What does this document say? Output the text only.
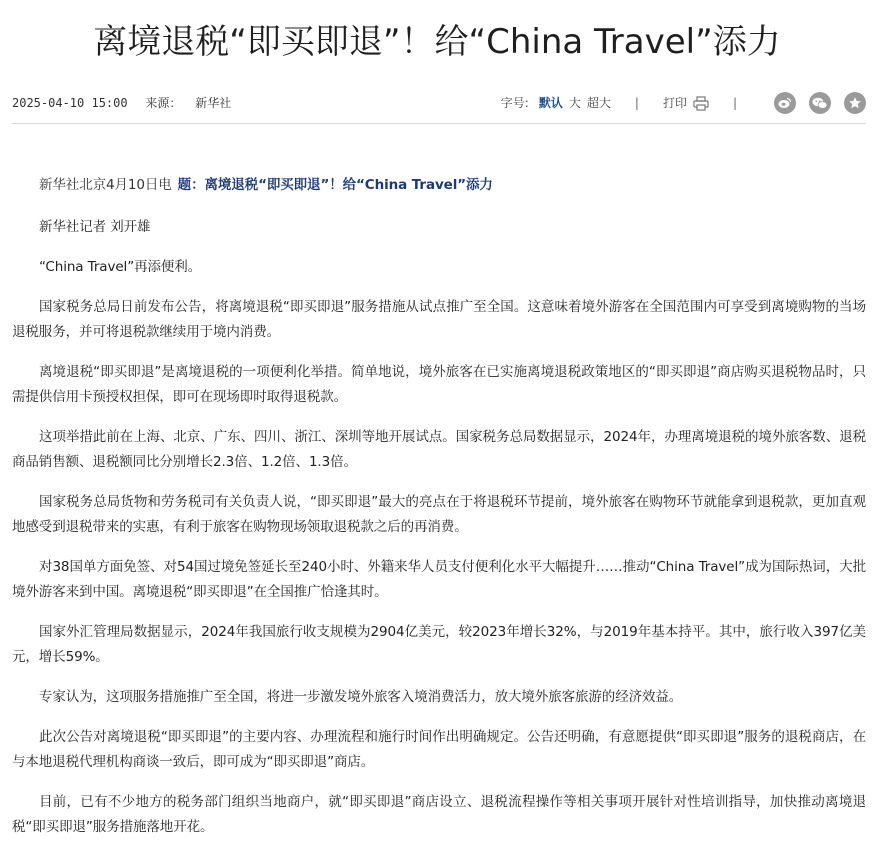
离境退税“即买即退”！给“China Travel”添力
2025-04-10 15:00 来源： 新华社	字号: 默认 大 超大 | 打印	|

新华社北京4月10日电 题：离境退税“即买即退”！给“China Travel”添力

新华社记者 刘开雄

“China Travel”再添便利。

国家税务总局日前发布公告，将离境退税“即买即退”服务措施从试点推广至全国。这意味着境外游客在全国范围内可享受到离境购物的当场退税服务，并可将退税款继续用于境内消费。

离境退税“即买即退”是离境退税的一项便利化举措。简单地说，境外旅客在已实施离境退税政策地区的“即买即退”商店购买退税物品时，只需提供信用卡预授权担保，即可在现场即时取得退税款。

这项举措此前在上海、北京、广东、四川、浙江、深圳等地开展试点。国家税务总局数据显示，2024年，办理离境退税的境外旅客数、退税商品销售额、退税额同比分别增长2.3倍、1.2倍、1.3倍。

国家税务总局货物和劳务税司有关负责人说，“即买即退”最大的亮点在于将退税环节提前，境外旅客在购物环节就能拿到退税款，更加直观地感受到退税带来的实惠，有利于旅客在购物现场领取退税款之后的再消费。

对38国单方面免签、对54国过境免签延长至240小时、外籍来华人员支付便利化水平大幅提升……推动“China Travel”成为国际热词，大批境外游客来到中国。离境退税“即买即退”在全国推广恰逢其时。

国家外汇管理局数据显示，2024年我国旅行收支规模为2904亿美元，较2023年增长32%，与2019年基本持平。其中，旅行收入397亿美元，增长59%。

专家认为，这项服务措施推广至全国，将进一步激发境外旅客入境消费活力，放大境外旅客旅游的经济效益。

此次公告对离境退税“即买即退”的主要内容、办理流程和施行时间作出明确规定。公告还明确，有意愿提供“即买即退”服务的退税商店，在与本地退税代理机构商谈一致后，即可成为“即买即退”商店。

目前，已有不少地方的税务部门组织当地商户，就“即买即退”商店设立、退税流程操作等相关事项开展针对性培训指导，加快推动离境退税“即买即退”服务措施落地开花。
